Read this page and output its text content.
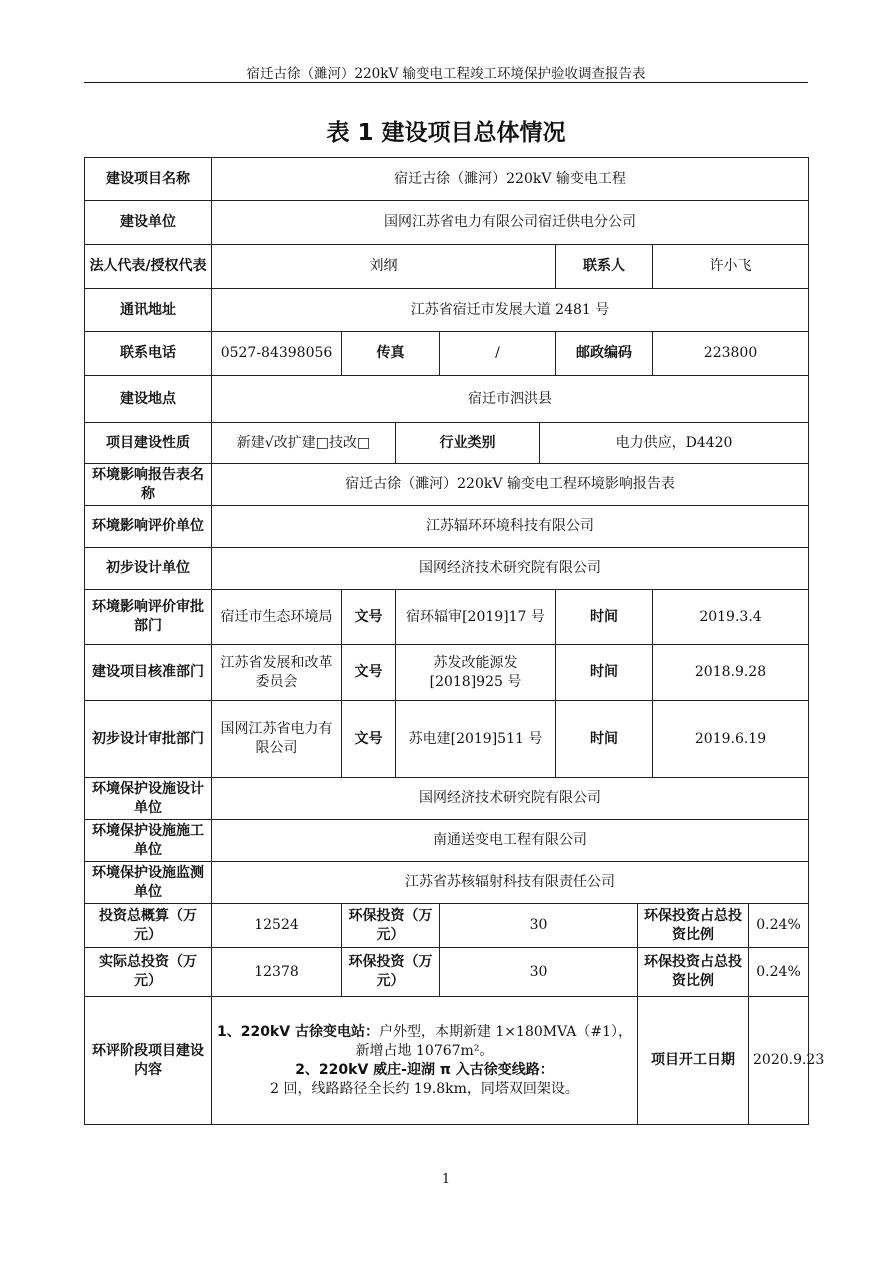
宿迁古徐（濉河）220kV 输变电工程竣工环境保护验收调查报告表
表 1 建设项目总体情况
建设项目名称	宿迁古徐（濉河）220kV 输变电工程								
建设单位	国网江苏省电力有限公司宿迁供电分公司								
法人代表/授权代表	刘纲					联系人		许小飞	
通讯地址	江苏省宿迁市发展大道 2481 号								
联系电话	0527-84398056	传真		/		邮政编码		223800	
建设地点	宿迁市泗洪县								
项目建设性质	新建√改扩建□技改□		行业类别		电力供应，D4420				
环境影响报告表名称	宿迁古徐（濉河）220kV 输变电工程环境影响报告表								
环境影响评价单位	江苏辐环环境科技有限公司								
初步设计单位	国网经济技术研究院有限公司								
环境影响评价审批部门	宿迁市生态环境局	文号	宿环辐审[2019]17 号			时间		2019.3.4	
建设项目核准部门	江苏省发展和改革委员会	文号	苏发改能源发[2018]925 号			时间		2018.9.28	
初步设计审批部门	国网江苏省电力有限公司	文号	苏电建[2019]511 号			时间		2019.6.19	
环境保护设施设计单位	国网经济技术研究院有限公司								
环境保护设施施工单位	南通送变电工程有限公司								
环境保护设施监测单位	江苏省苏核辐射科技有限责任公司								
投资总概算（万元）	12524	环保投资（万元）		30			环保投资占总投资比例		0.24%
实际总投资（万元）	12378	环保投资（万元）		30			环保投资占总投资比例		0.24%
环评阶段项目建设内容	1、220kV 古徐变电站：户外型，本期新建 1×180MVA（#1），新增占地 10767m²。
2、220kV 威庄-迎湖 π 入古徐变线路：
2 回，线路路径全长约 19.8km，同塔双回架设。						项目开工日期		2020.9.23
1
